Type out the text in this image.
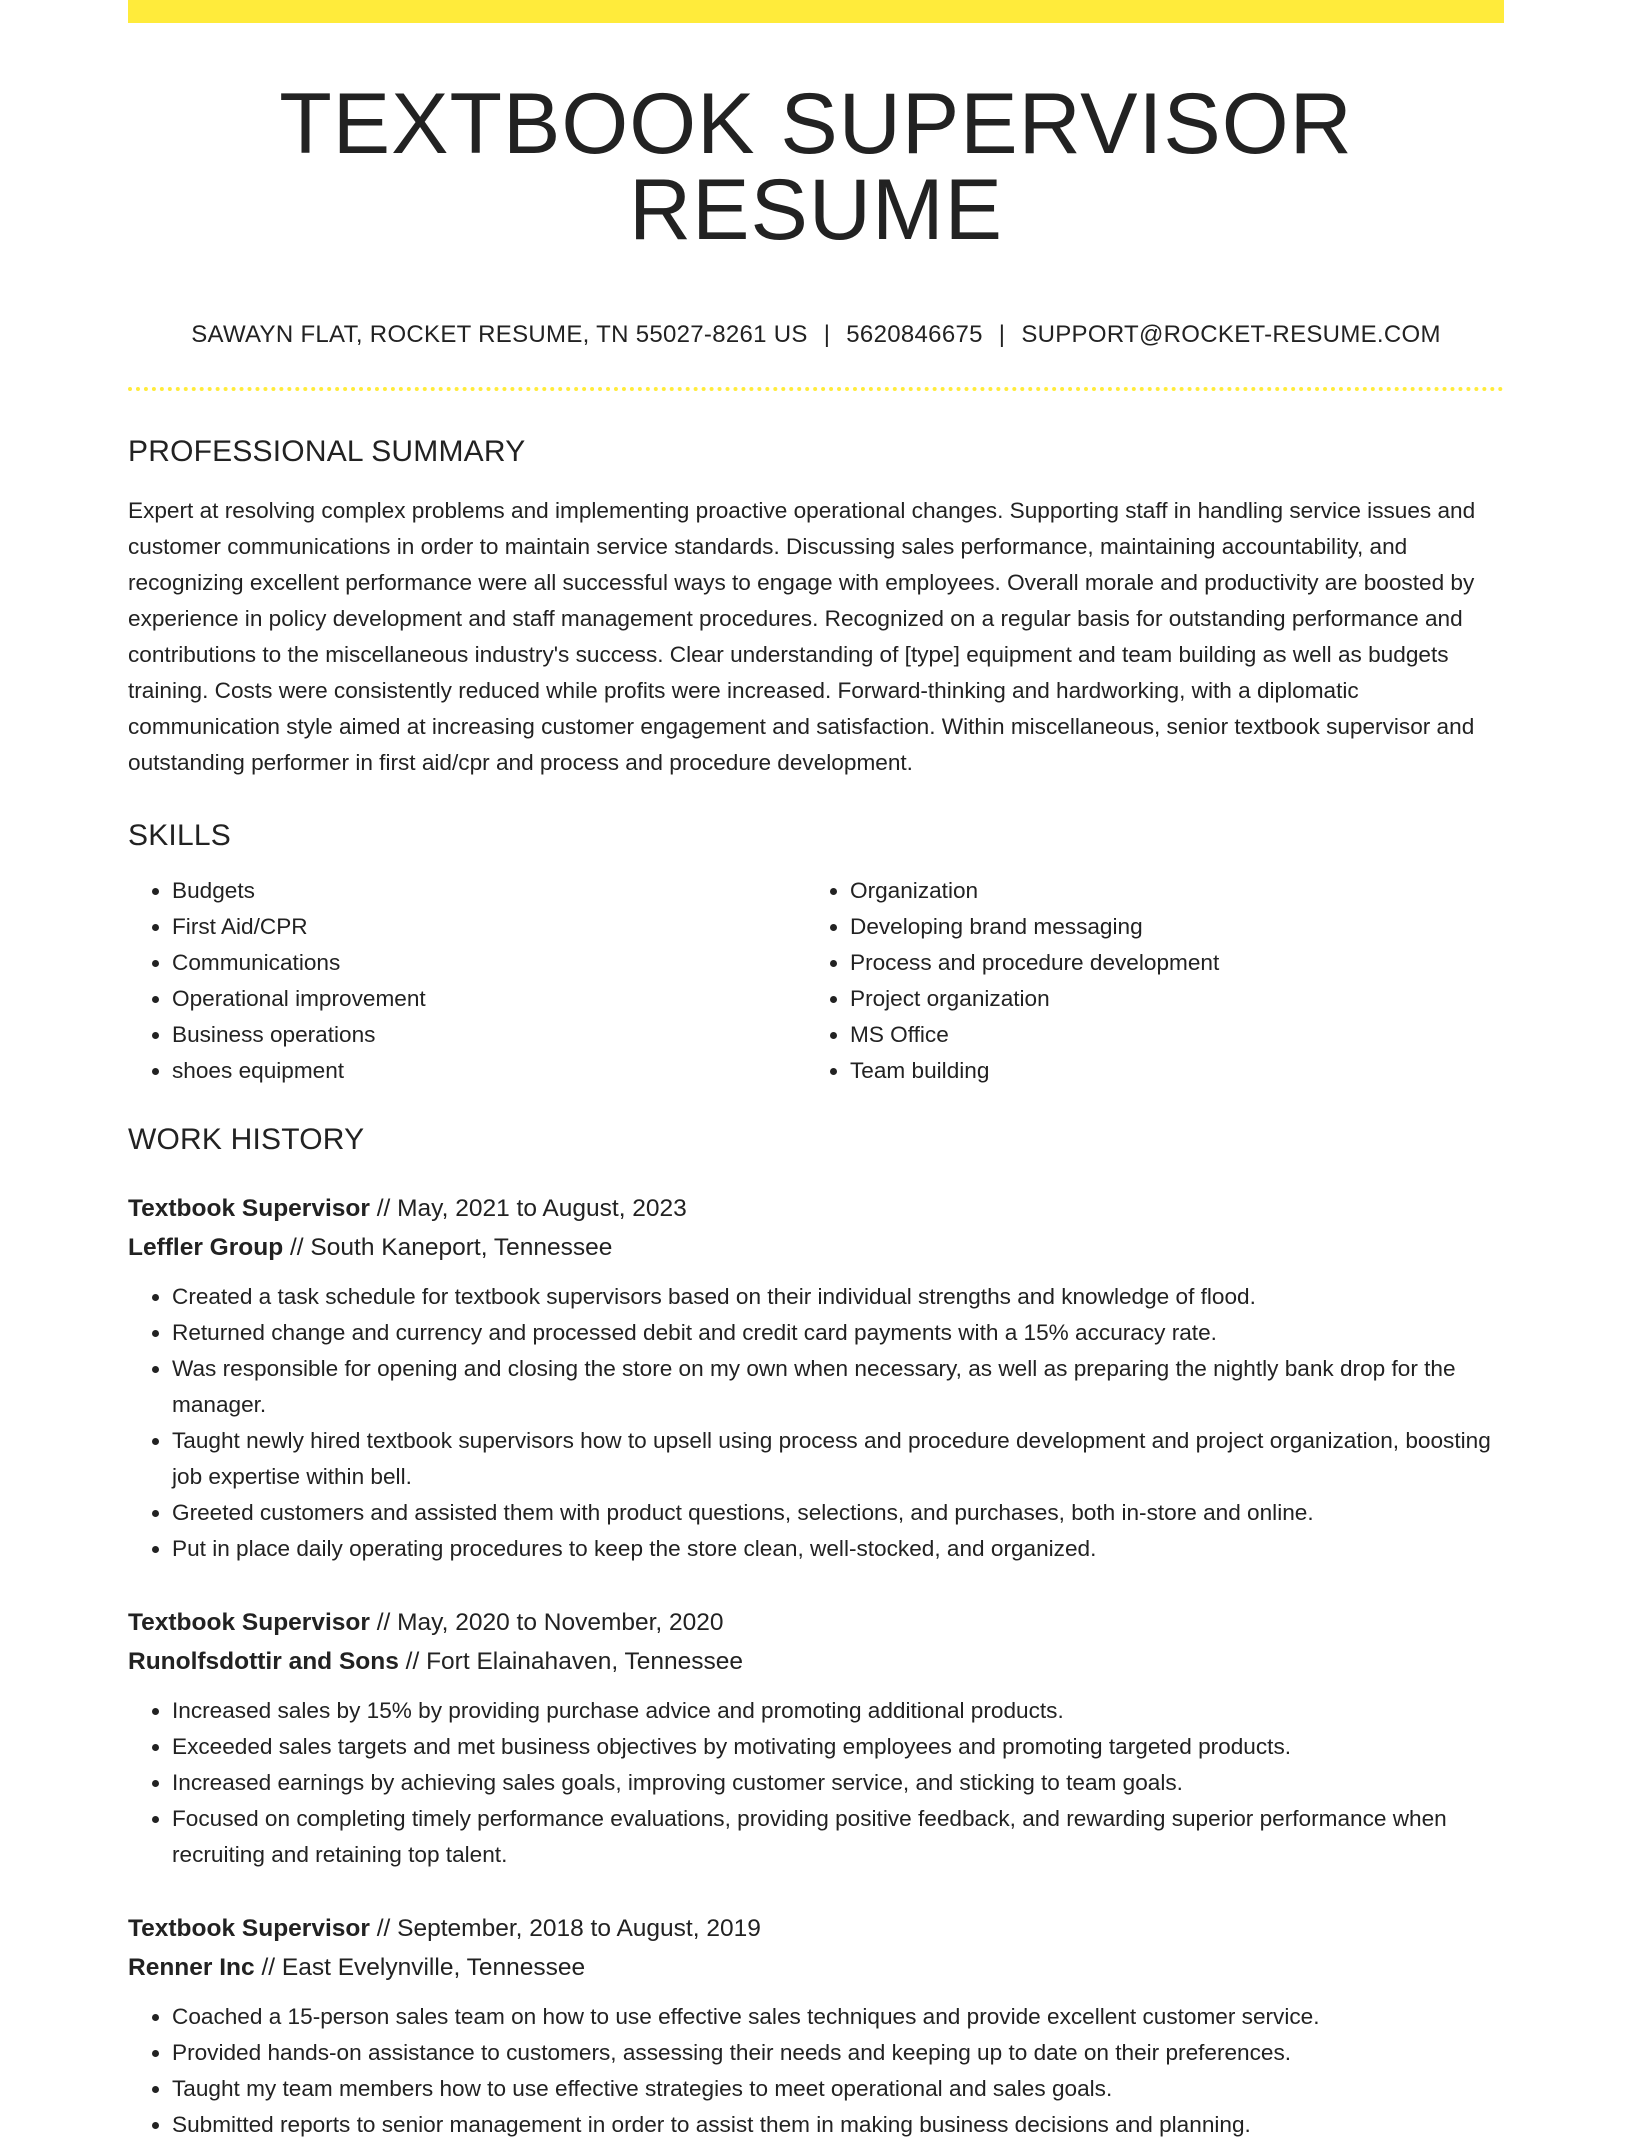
TEXTBOOK SUPERVISOR RESUME
SAWAYN FLAT, ROCKET RESUME, TN 55027-8261 US | 5620846675 | SUPPORT@ROCKET-RESUME.COM
PROFESSIONAL SUMMARY

Expert at resolving complex problems and implementing proactive operational changes. Supporting staff in handling service issues and customer communications in order to maintain service standards. Discussing sales performance, maintaining accountability, and recognizing excellent performance were all successful ways to engage with employees. Overall morale and productivity are boosted by experience in policy development and staff management procedures. Recognized on a regular basis for outstanding performance and contributions to the miscellaneous industry's success. Clear understanding of [type] equipment and team building as well as budgets training. Costs were consistently reduced while profits were increased. Forward-thinking and hardworking, with a diplomatic communication style aimed at increasing customer engagement and satisfaction. Within miscellaneous, senior textbook supervisor and outstanding performer in first aid/cpr and process and procedure development.

SKILLS
• Budgets
• First Aid/CPR
• Communications
• Operational improvement
• Business operations
• shoes equipment
• Organization
• Developing brand messaging
• Process and procedure development
• Project organization
• MS Office
• Team building
WORK HISTORY
Textbook Supervisor // May, 2021 to August, 2023
Leffler Group // South Kaneport, Tennessee
• Created a task schedule for textbook supervisors based on their individual strengths and knowledge of flood.
• Returned change and currency and processed debit and credit card payments with a 15% accuracy rate.
• Was responsible for opening and closing the store on my own when necessary, as well as preparing the nightly bank drop for the manager.
• Taught newly hired textbook supervisors how to upsell using process and procedure development and project organization, boosting job expertise within bell.
• Greeted customers and assisted them with product questions, selections, and purchases, both in-store and online.
• Put in place daily operating procedures to keep the store clean, well-stocked, and organized.
Textbook Supervisor // May, 2020 to November, 2020
Runolfsdottir and Sons // Fort Elainahaven, Tennessee
• Increased sales by 15% by providing purchase advice and promoting additional products.
• Exceeded sales targets and met business objectives by motivating employees and promoting targeted products.
• Increased earnings by achieving sales goals, improving customer service, and sticking to team goals.
• Focused on completing timely performance evaluations, providing positive feedback, and rewarding superior performance when recruiting and retaining top talent.
Textbook Supervisor // September, 2018 to August, 2019
Renner Inc // East Evelynville, Tennessee
• Coached a 15-person sales team on how to use effective sales techniques and provide excellent customer service.
• Provided hands-on assistance to customers, assessing their needs and keeping up to date on their preferences.
• Taught my team members how to use effective strategies to meet operational and sales goals.
• Submitted reports to senior management in order to assist them in making business decisions and planning.
